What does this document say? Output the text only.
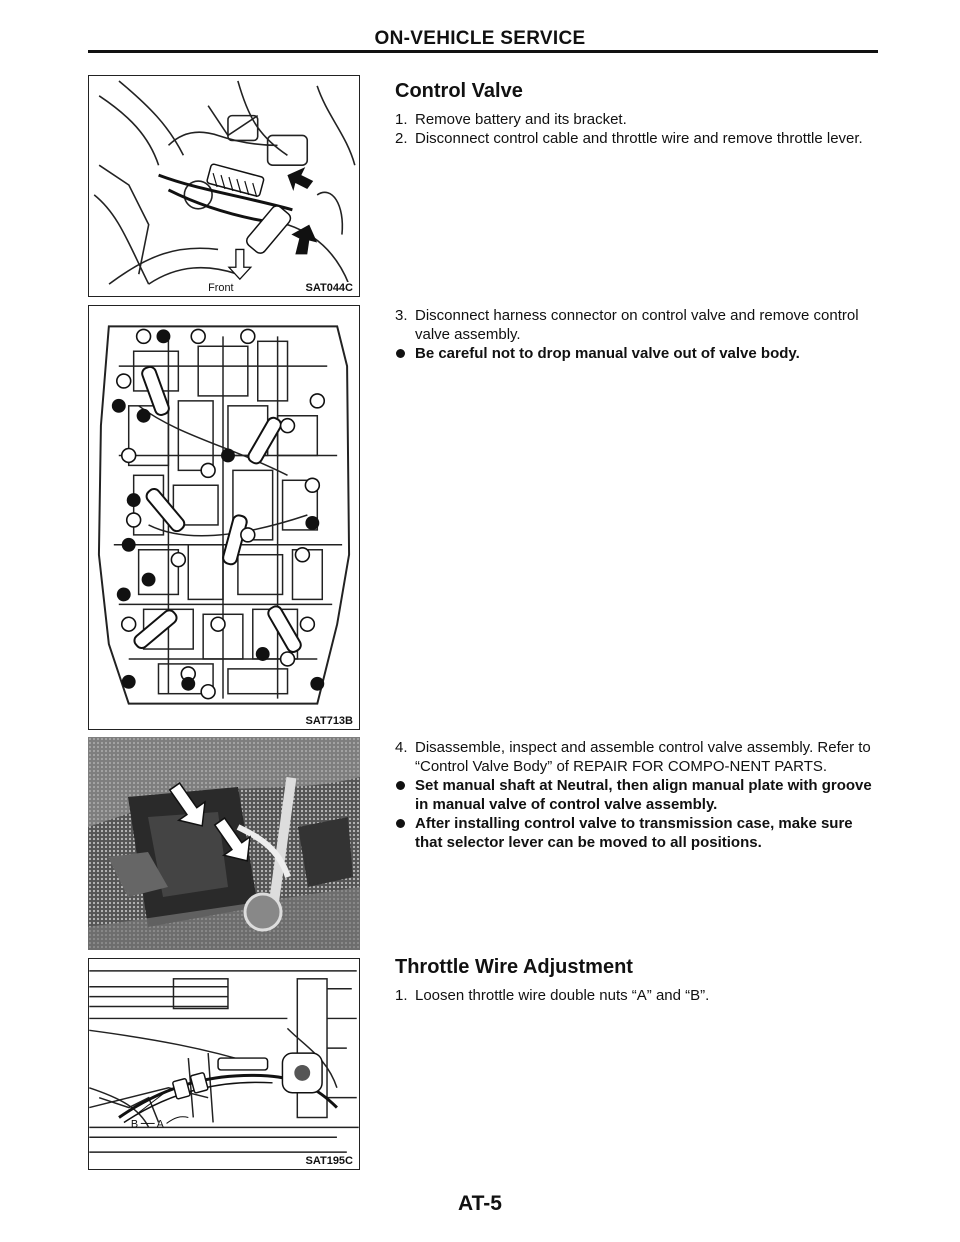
ON-VEHICLE SERVICE
Front	SAT044C
SAT713B
B A
SAT195C
Control Valve
1. Remove battery and its bracket.
2. Disconnect control cable and throttle wire and remove throttle lever.
3. Disconnect harness connector on control valve and remove control valve assembly.
Be careful not to drop manual valve out of valve body.
4. Disassemble, inspect and assemble control valve assembly. Refer to “Control Valve Body” of REPAIR FOR COMPO-NENT PARTS.
Set manual shaft at Neutral, then align manual plate with groove in manual valve of control valve assembly.
After installing control valve to transmission case, make sure that selector lever can be moved to all positions.
Throttle Wire Adjustment
1. Loosen throttle wire double nuts “A” and “B”.
AT-5
